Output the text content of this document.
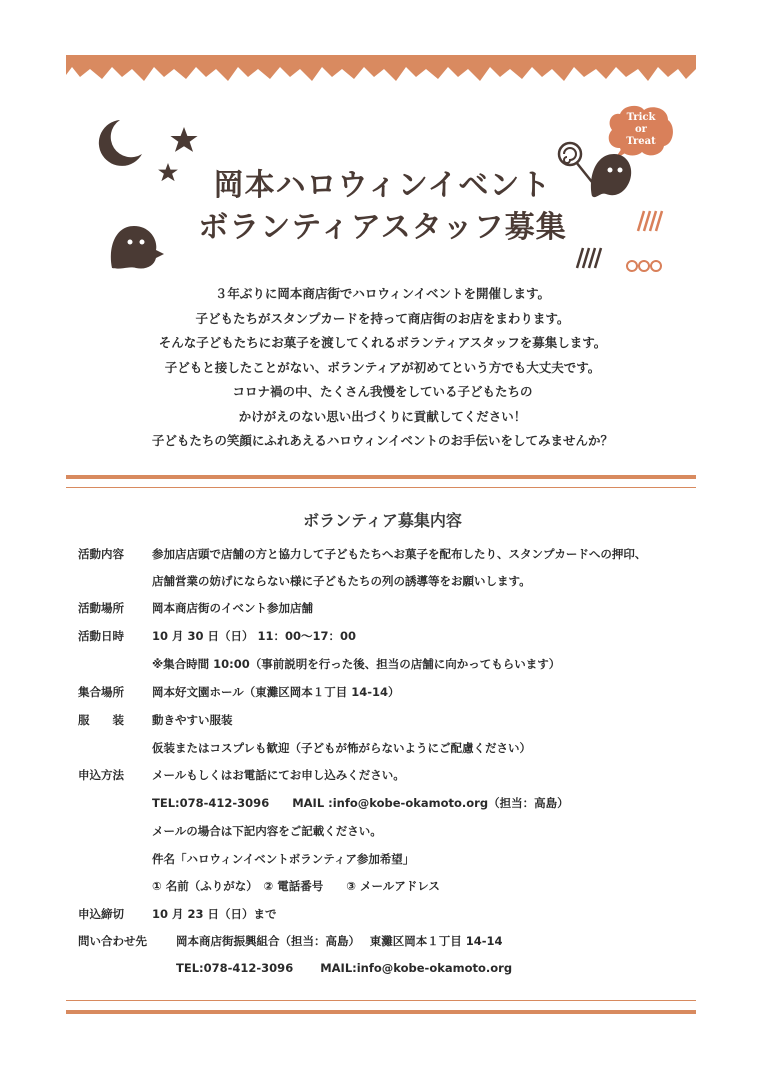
Trick
or
Treat
岡本ハロウィンイベント
ボランティアスタッフ募集

３年ぶりに岡本商店街でハロウィンイベントを開催します。

子どもたちがスタンプカードを持って商店街のお店をまわります。

そんな子どもたちにお菓子を渡してくれるボランティアスタッフを募集します。

子どもと接したことがない、ボランティアが初めてという方でも大丈夫です。

コロナ禍の中、たくさん我慢をしている子どもたちの

かけがえのない思い出づくりに貢献してください！

子どもたちの笑顔にふれあえるハロウィンイベントのお手伝いをしてみませんか？

ボランティア募集内容
活動内容 参加店店頭で店舗の方と協力して子どもたちへお菓子を配布したり、スタンプカードへの押印、
店舗営業の妨げにならない様に子どもたちの列の誘導等をお願いします。
活動場所 岡本商店街のイベント参加店舗
活動日時 10 月 30 日（日） 11：00〜17：00
※集合時間 10:00（事前説明を行った後、担当の店舗に向かってもらいます）
集合場所 岡本好文園ホール（東灘区岡本１丁目 14-14）
服　　装 動きやすい服装
仮装またはコスプレも歓迎（子どもが怖がらないようにご配慮ください）
申込方法 メールもしくはお電話にてお申し込みください。
TEL:078-412-3096　　MAIL :info@kobe-okamoto.org（担当：高島）
メールの場合は下記内容をご記載ください。
件名「ハロウィンイベントボランティア参加希望」
① 名前（ふりがな）　② 電話番号　　③ メールアドレス
申込締切 10 月 23 日（日）まで
問い合わせ先	岡本商店街振興組合（担当：高島）　 東灘区岡本１丁目 14-14
TEL:078-412-3096　　 MAIL:info@kobe-okamoto.org
